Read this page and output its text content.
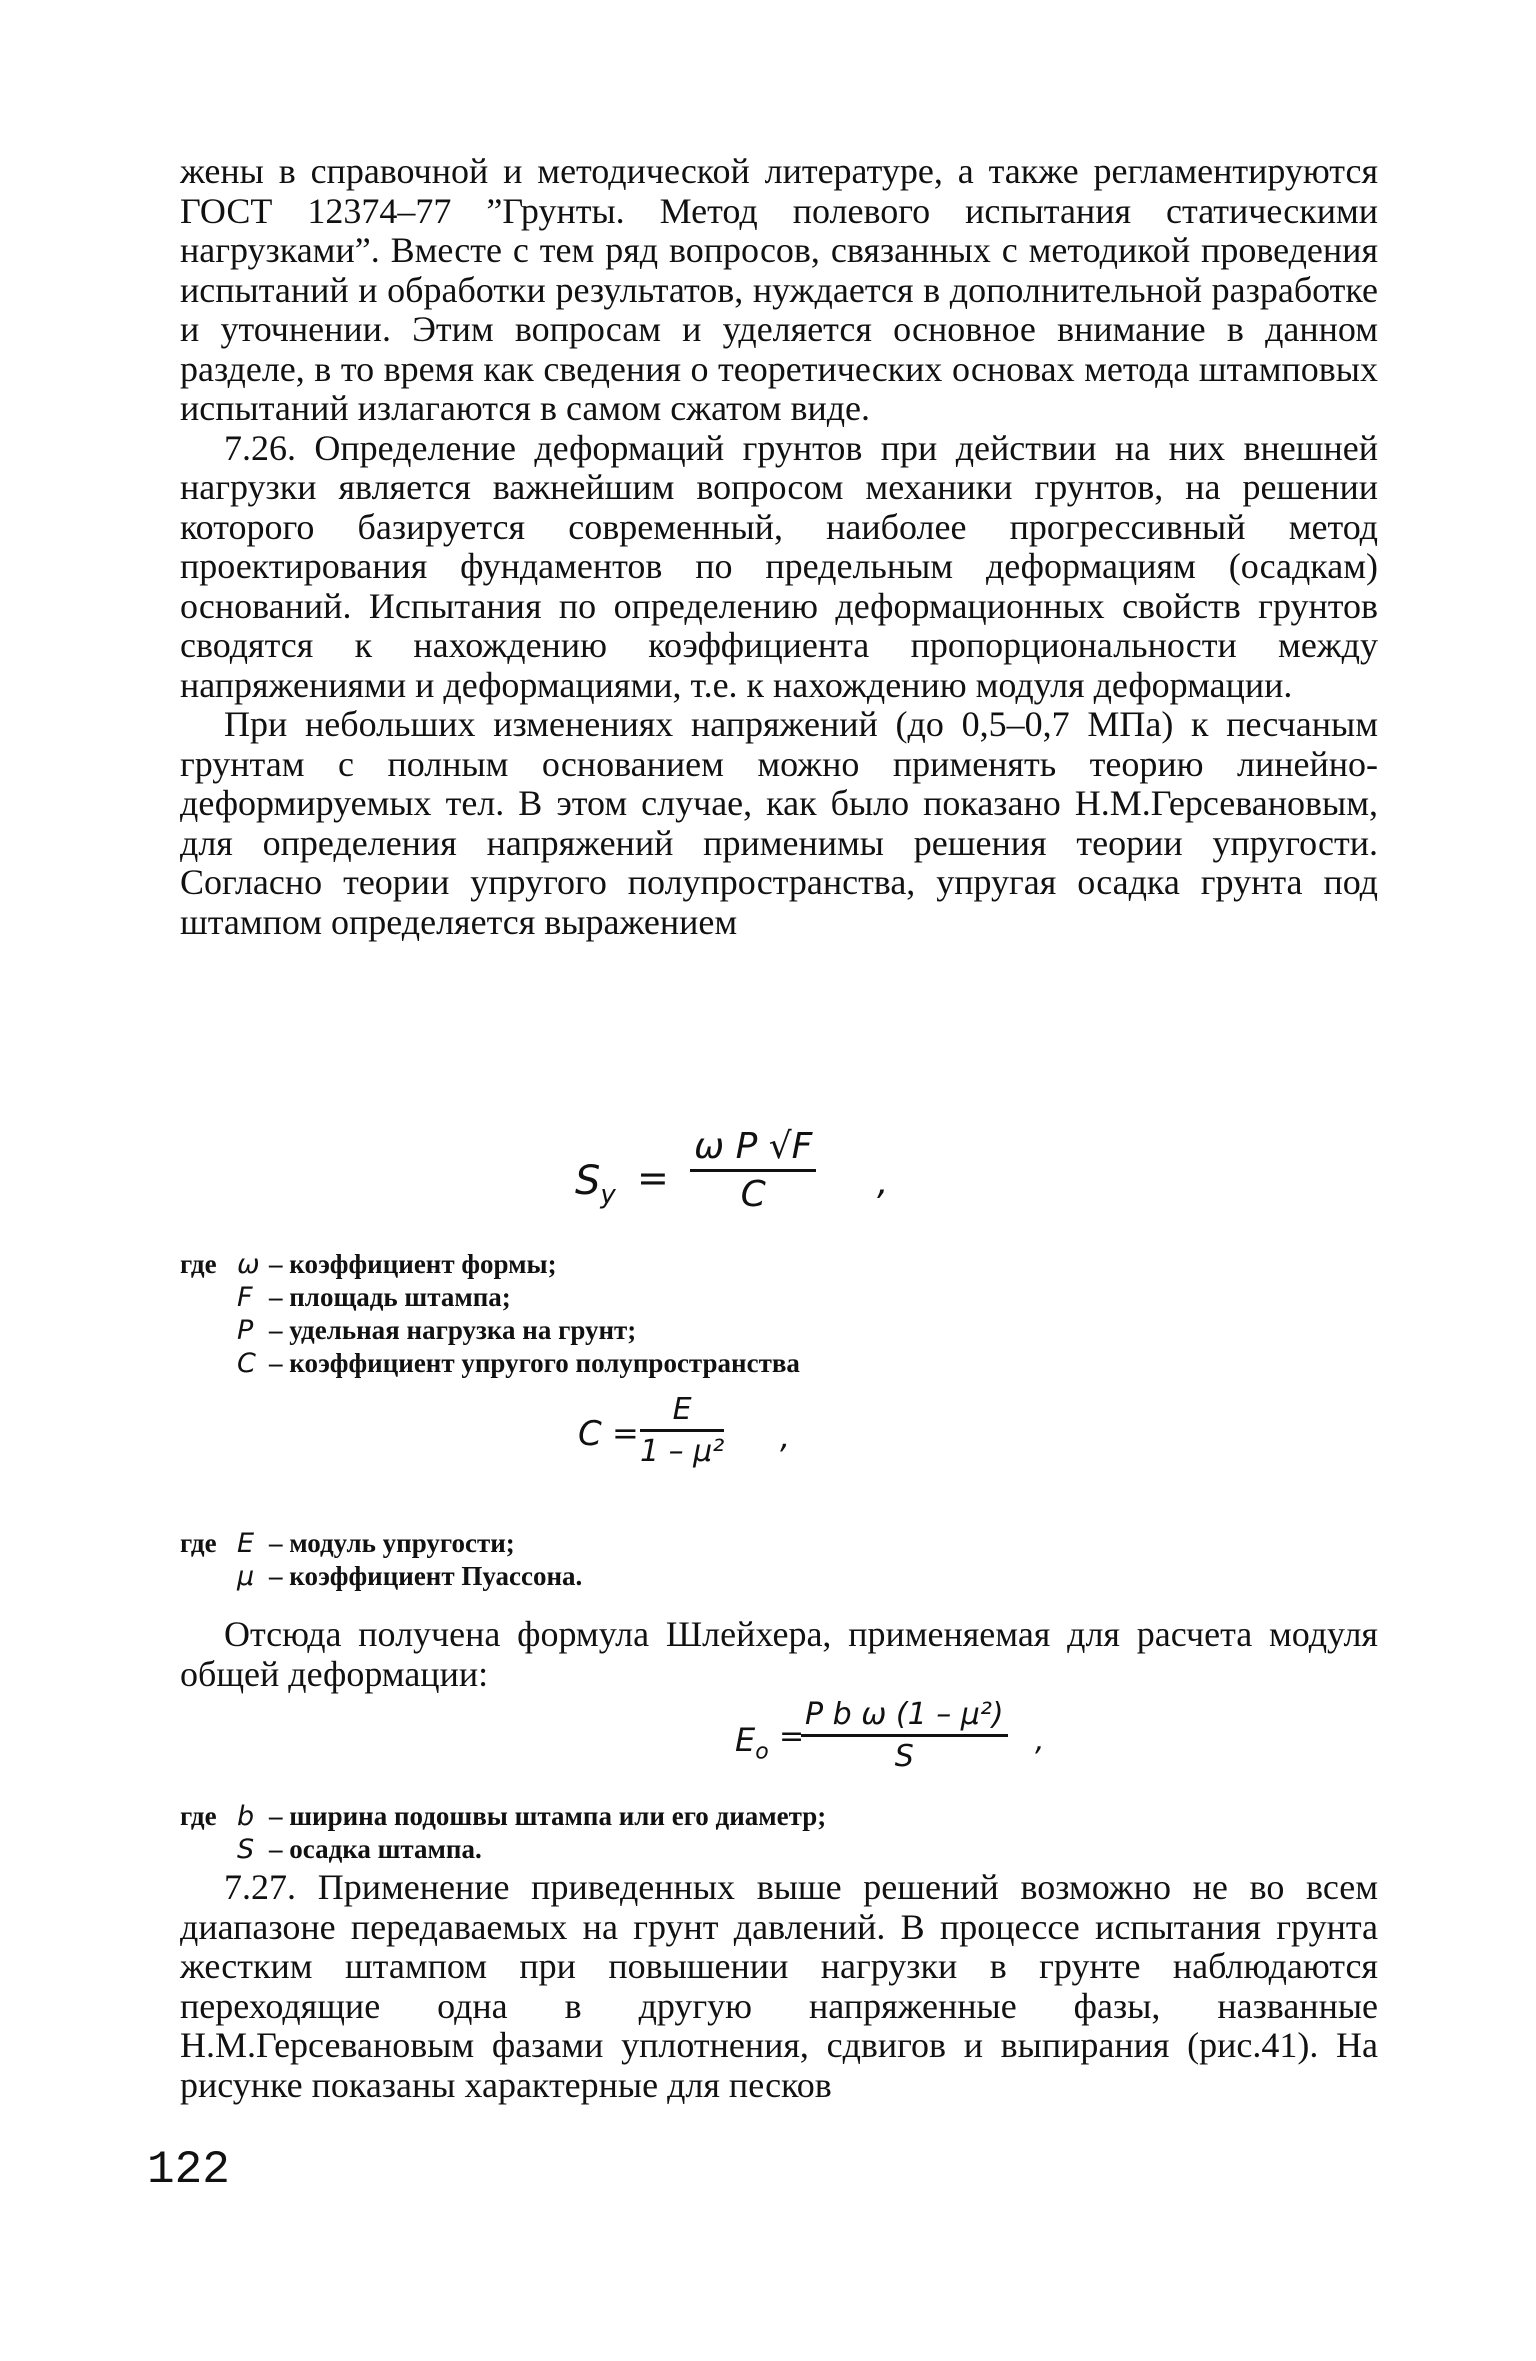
жены в справочной и методической литературе, а также регламентируются ГОСТ 12374–77 ”Грунты. Метод полевого испытания статическими нагрузками”. Вместе с тем ряд вопросов, связанных с методикой проведения испытаний и обработки результатов, нуждается в дополнительной разработке и уточнении. Этим вопросам и уделяется основное внимание в данном разделе, в то время как сведения о теоретических основах метода штамповых испытаний излагаются в самом сжатом виде.

7.26. Определение деформаций грунтов при действии на них внешней нагрузки является важнейшим вопросом механики грунтов, на решении которого базируется современный, наиболее прогрессивный метод проектирования фундаментов по предельным деформациям (осадкам) оснований. Испытания по определению деформационных свойств грунтов сводятся к нахождению коэффициента пропорциональности между напряжениями и деформациями, т.е. к нахождению модуля деформации.

При небольших изменениях напряжений (до 0,5–0,7 МПа) к песчаным грунтам с полным основанием можно применять теорию линейно-деформируемых тел. В этом случае, как было показано Н.М.Герсевановым, для определения напряжений применимы решения теории упругости. Согласно теории упругого полупространства, упругая осадка грунта под штампом определяется выражением

$S_y = \frac{\text{ω P √F}}{C}$ ,
где ω – коэффициент формы;
F – площадь штампа;
P – удельная нагрузка на грунт;
C – коэффициент упругого полупространства
$C = \frac{E}{\text{1 – μ²}}$ ,
где E – модуль упругости;
μ – коэффициент Пуассона.

Отсюда получена формула Шлейхера, применяемая для расчета модуля общей деформации:

$E_o$ =
$\frac{\text{P b ω (1 – μ²)}}{S}$ ,
где b – ширина подошвы штампа или его диаметр;
S – осадка штампа.

7.27. Применение приведенных выше решений возможно не во всем диапазоне передаваемых на грунт давлений. В процессе испытания грунта жестким штампом при повышении нагрузки в грунте наблюдаются переходящие одна в другую напряженные фазы, названные Н.М.Герсевановым фазами уплотнения, сдвигов и выпирания (рис.41). На рисунке показаны характерные для песков

122
